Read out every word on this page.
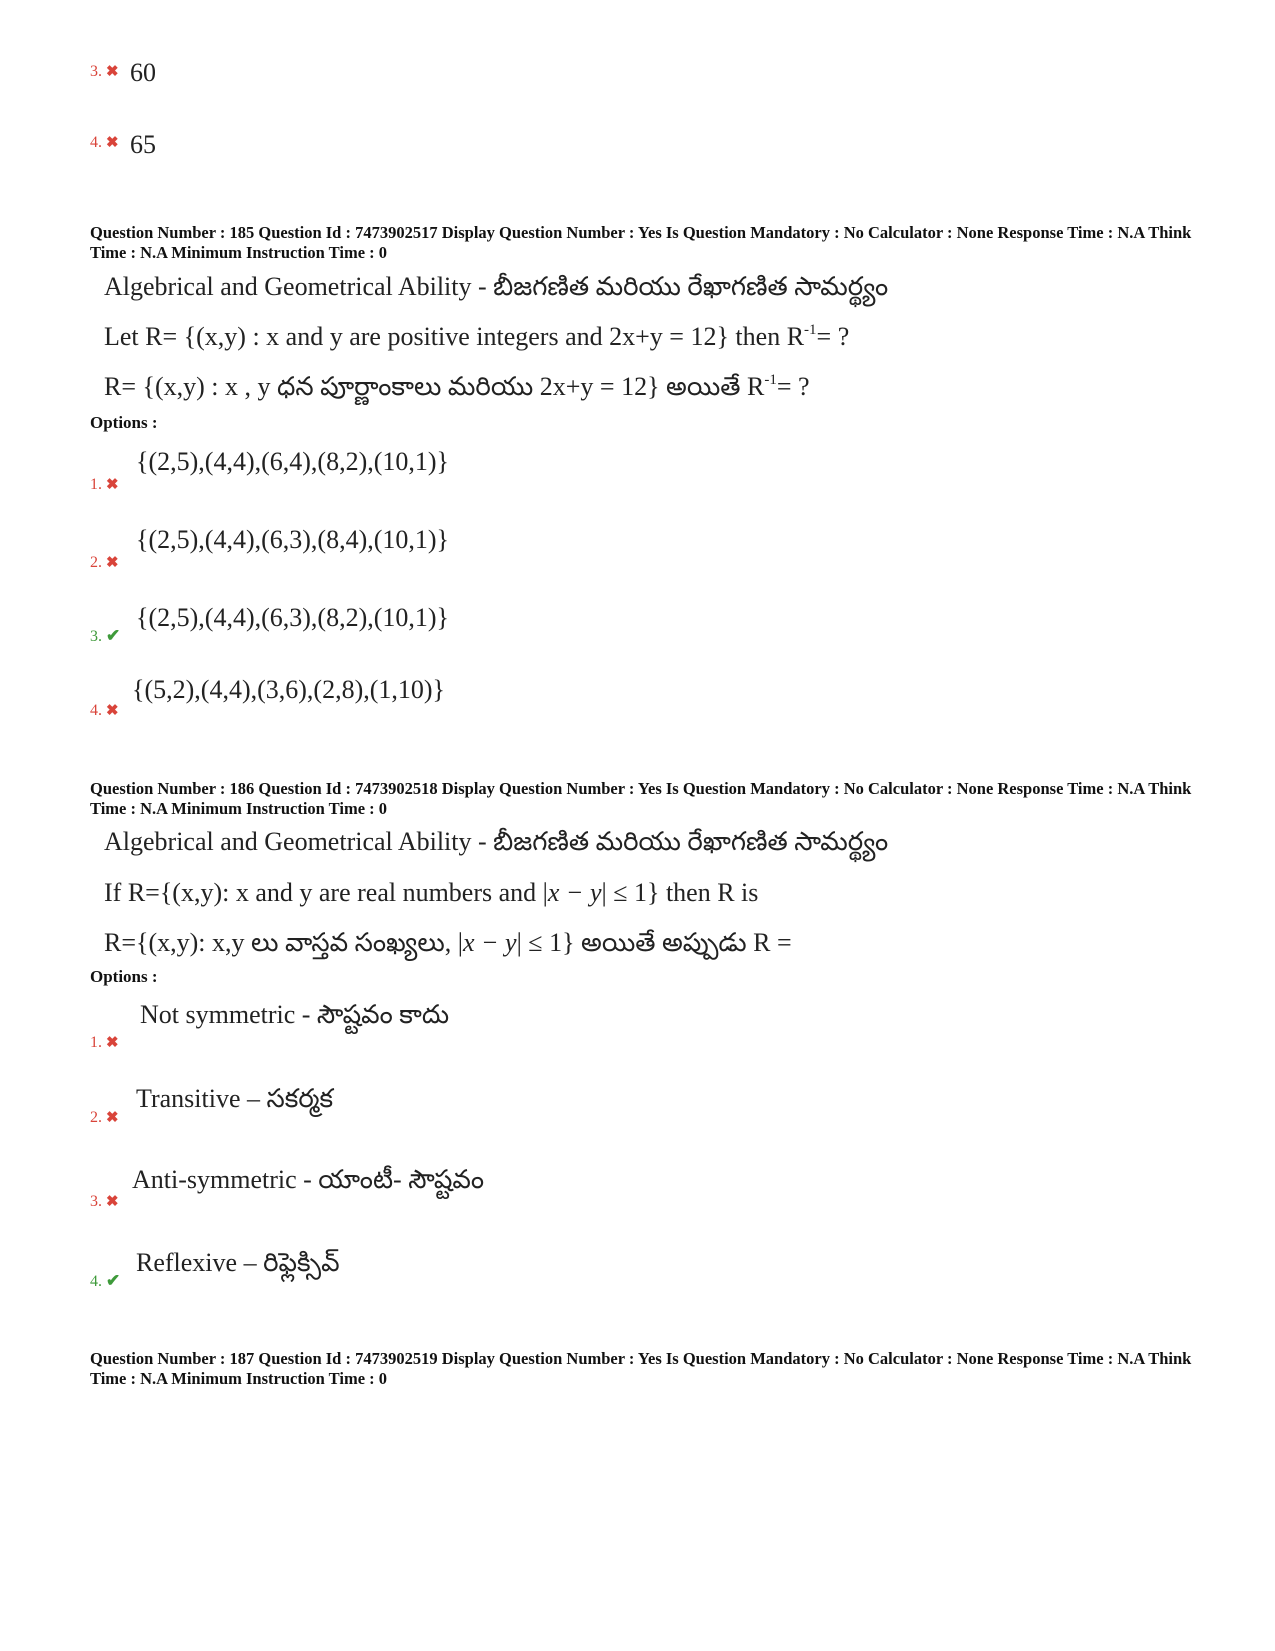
3. ✖ 60
4. ✖ 65
Question Number : 185 Question Id : 7473902517 Display Question Number : Yes Is Question Mandatory : No Calculator : None Response Time : N.A Think Time : N.A Minimum Instruction Time : 0
Algebrical and Geometrical Ability - బీజగణిత మరియు రేఖాగణిత సామర్థ్యం
Let R= {(x,y) : x and y are positive integers and 2x+y = 12} then $R^{-1}=$ ?
R= {(x,y) : x , y ధన పూర్ణాంకాలు మరియు 2x+y = 12} అయితే $R^{-1}=$ ?
Options :
1. ✖
{(2,5),(4,4),(6,4),(8,2),(10,1)}
2. ✖
{(2,5),(4,4),(6,3),(8,4),(10,1)}
3. ✔
{(2,5),(4,4),(6,3),(8,2),(10,1)}
4. ✖
{(5,2),(4,4),(3,6),(2,8),(1,10)}
Question Number : 186 Question Id : 7473902518 Display Question Number : Yes Is Question Mandatory : No Calculator : None Response Time : N.A Think Time : N.A Minimum Instruction Time : 0
Algebrical and Geometrical Ability - బీజగణిత మరియు రేఖాగణిత సామర్థ్యం
If R={(x,y): x and y are real numbers and |x − y| ≤ 1} then R is
R={(x,y): x,y లు వాస్తవ సంఖ్యలు, |x − y| ≤ 1} అయితే అప్పుడు R =
Options :
1. ✖
Not symmetric - సౌష్టవం కాదు
2. ✖
Transitive – సకర్మక
3. ✖
Anti-symmetric - యాంటీ- సౌష్టవం
4. ✔
Reflexive – రిఫ్లెక్సివ్
Question Number : 187 Question Id : 7473902519 Display Question Number : Yes Is Question Mandatory : No Calculator : None Response Time : N.A Think Time : N.A Minimum Instruction Time : 0
